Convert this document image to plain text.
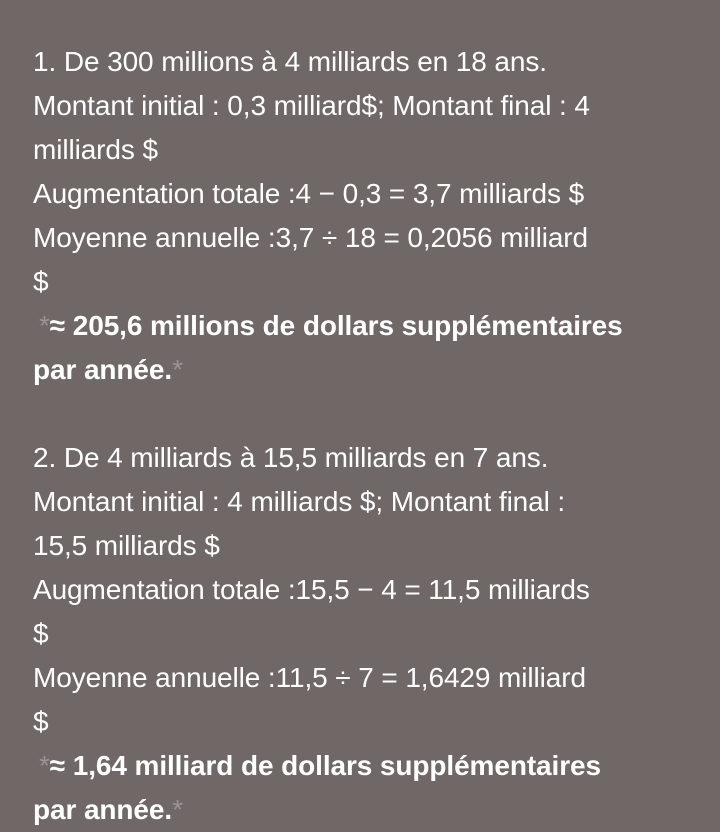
1. De 300 millions à 4 milliards en 18 ans.
Montant initial : 0,3 milliard$; Montant final : 4
milliards $
Augmentation totale :4 − 0,3 = 3,7 milliards $
Moyenne annuelle :3,7 ÷ 18 = 0,2056 milliard
$
*≈ 205,6 millions de dollars supplémentaires
par année.*
2. De 4 milliards à 15,5 milliards en 7 ans.
Montant initial : 4 milliards $; Montant final :
15,5 milliards $
Augmentation totale :15,5 − 4 = 11,5 milliards
$
Moyenne annuelle :11,5 ÷ 7 = 1,6429 milliard
$
*≈ 1,64 milliard de dollars supplémentaires
par année.*
